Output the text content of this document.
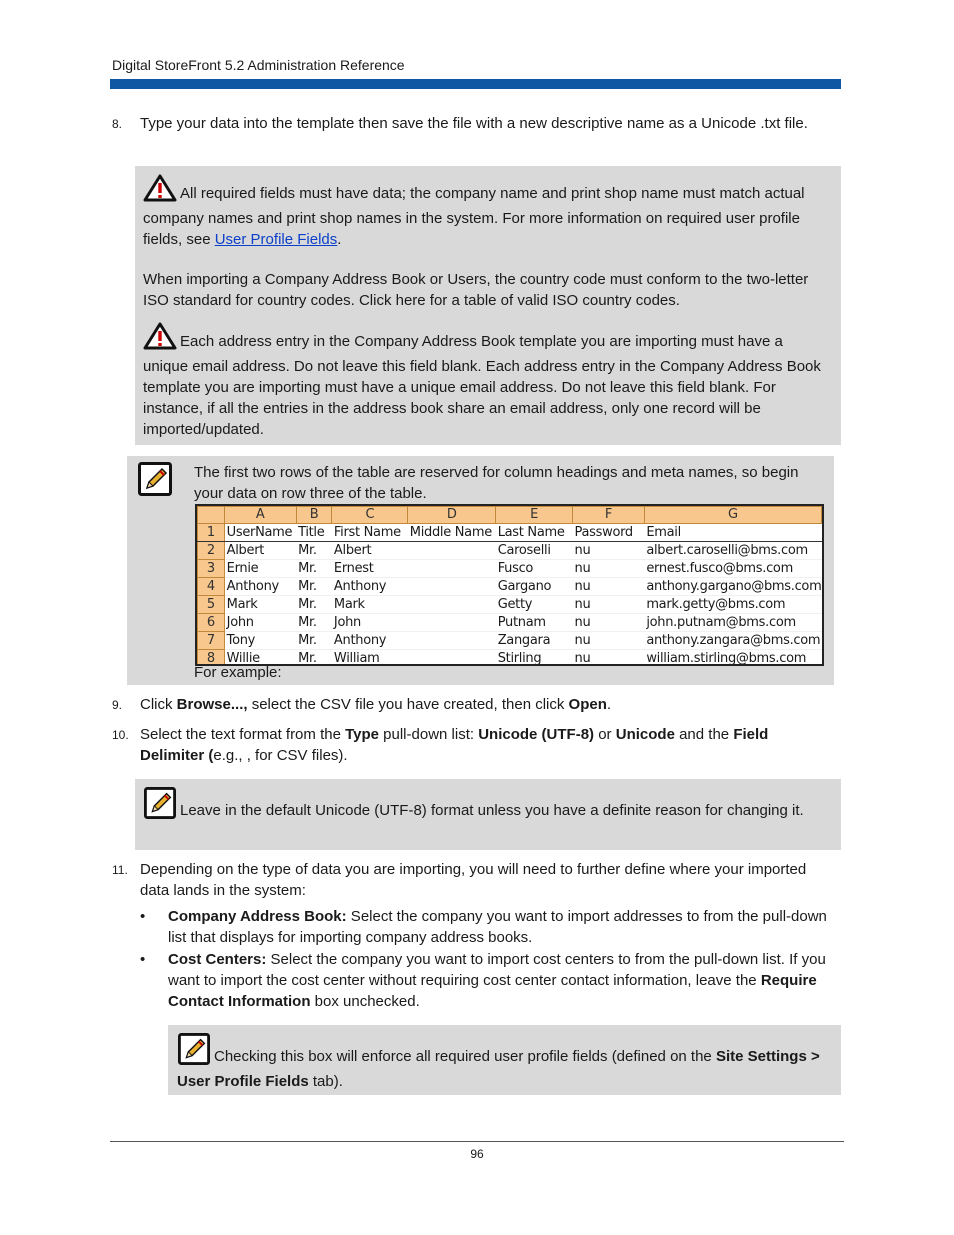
Digital StoreFront 5.2 Administration Reference
8. Type your data into the template then save the file with a new descriptive name as a Unicode .txt file.
All required fields must have data; the company name and print shop name must match actual company names and print shop names in the system. For more information on required user profile fields, see User Profile Fields.
When importing a Company Address Book or Users, the country code must conform to the two-letter ISO standard for country codes. Click here for a table of valid ISO country codes.
Each address entry in the Company Address Book template you are importing must have a unique email address. Do not leave this field blank. Each address entry in the Company Address Book template you are importing must have a unique email address. Do not leave this field blank. For instance, if all the entries in the address book share an email address, only one record will be imported/updated.
The first two rows of the table are reserved for column headings and meta names, so begin your data on row three of the table.
	A	B	C	D	E	F	G
1	UserName	Title	First Name	Middle Name	Last Name	Password	Email
2	Albert	Mr.	Albert		Caroselli	nu	albert.caroselli@bms.com
3	Ernie	Mr.	Ernest		Fusco	nu	ernest.fusco@bms.com
4	Anthony	Mr.	Anthony		Gargano	nu	anthony.gargano@bms.com
5	Mark	Mr.	Mark		Getty	nu	mark.getty@bms.com
6	John	Mr.	John		Putnam	nu	john.putnam@bms.com
7	Tony	Mr.	Anthony		Zangara	nu	anthony.zangara@bms.com
8	Willie	Mr.	William		Stirling	nu	william.stirling@bms.com
For example:
9. Click Browse..., select the CSV file you have created, then click Open.
10. Select the text format from the Type pull-down list: Unicode (UTF-8) or Unicode and the Field Delimiter (e.g., , for CSV files).
Leave in the default Unicode (UTF-8) format unless you have a definite reason for changing it.
11. Depending on the type of data you are importing, you will need to further define where your imported data lands in the system:
• Company Address Book: Select the company you want to import addresses to from the pull-down list that displays for importing company address books.
• Cost Centers: Select the company you want to import cost centers to from the pull-down list. If you want to import the cost center without requiring cost center contact information, leave the Require Contact Information box unchecked.
Checking this box will enforce all required user profile fields (defined on the Site Settings > User Profile Fields tab).
96
